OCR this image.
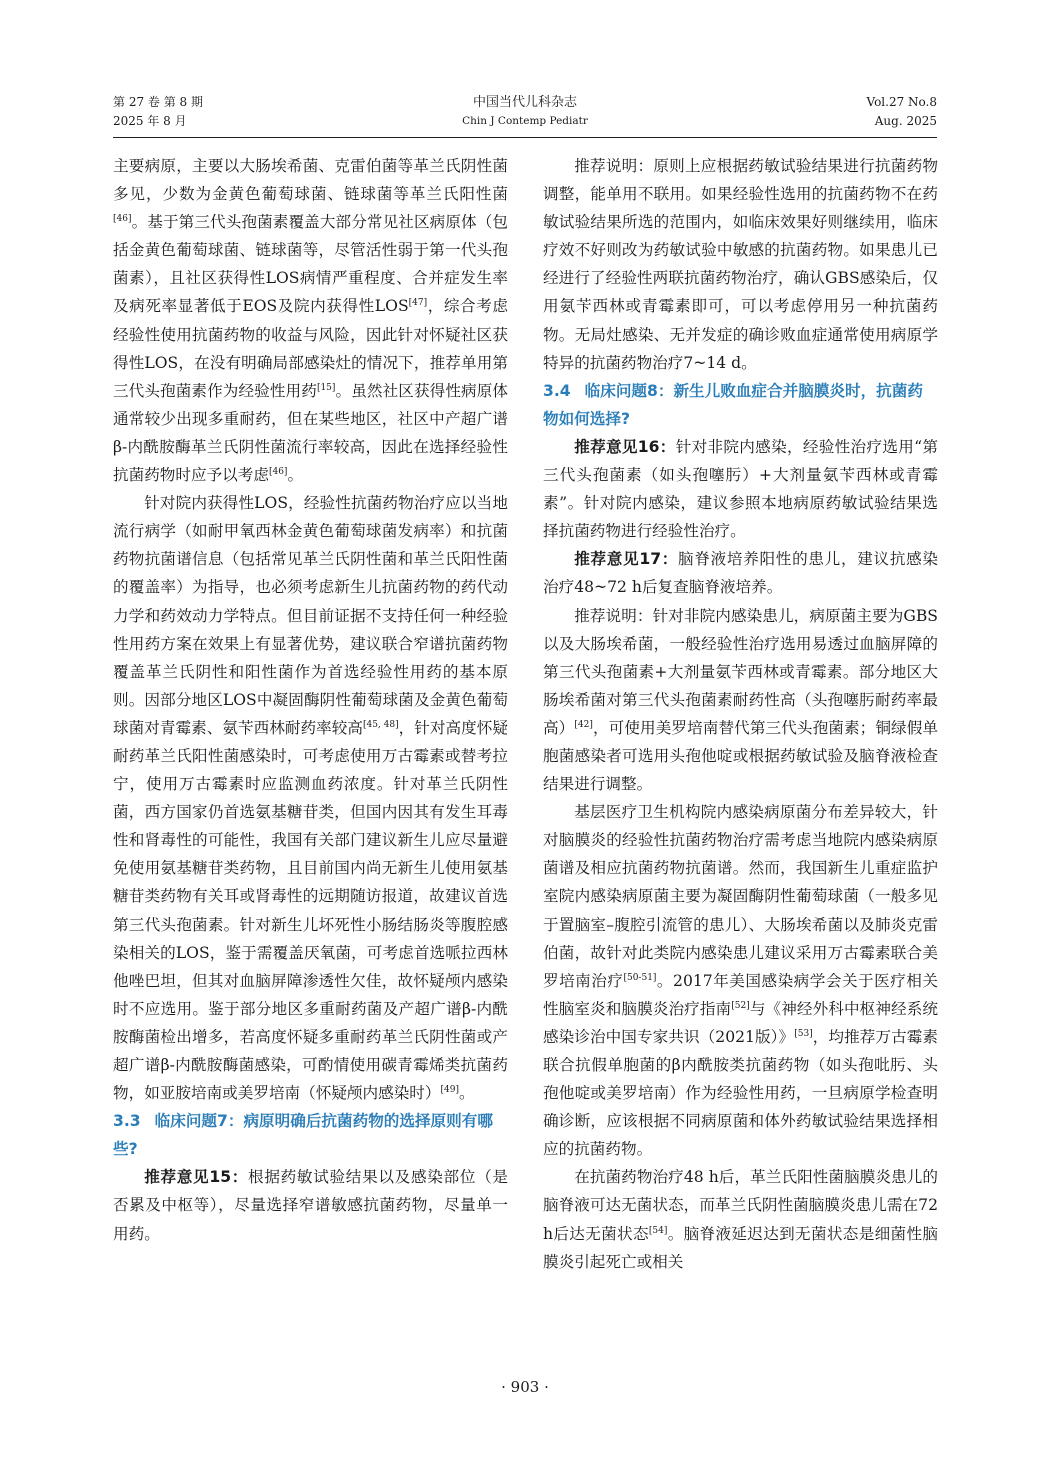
第 27 卷 第 8 期
2025 年 8 月
中国当代儿科杂志
Chin J Contemp Pediatr
Vol.27 No.8
Aug. 2025

主要病原，主要以大肠埃希菌、克雷伯菌等革兰氏阴性菌多见，少数为金黄色葡萄球菌、链球菌等革兰氏阳性菌[46]。基于第三代头孢菌素覆盖大部分常见社区病原体（包括金黄色葡萄球菌、链球菌等，尽管活性弱于第一代头孢菌素），且社区获得性LOS病情严重程度、合并症发生率及病死率显著低于EOS及院内获得性LOS[47]，综合考虑经验性使用抗菌药物的收益与风险，因此针对怀疑社区获得性LOS，在没有明确局部感染灶的情况下，推荐单用第三代头孢菌素作为经验性用药[15]。虽然社区获得性病原体通常较少出现多重耐药，但在某些地区，社区中产超广谱β-内酰胺酶革兰氏阴性菌流行率较高，因此在选择经验性抗菌药物时应予以考虑[46]。

针对院内获得性LOS，经验性抗菌药物治疗应以当地流行病学（如耐甲氧西林金黄色葡萄球菌发病率）和抗菌药物抗菌谱信息（包括常见革兰氏阴性菌和革兰氏阳性菌的覆盖率）为指导，也必须考虑新生儿抗菌药物的药代动力学和药效动力学特点。但目前证据不支持任何一种经验性用药方案在效果上有显著优势，建议联合窄谱抗菌药物覆盖革兰氏阴性和阳性菌作为首选经验性用药的基本原则。因部分地区LOS中凝固酶阴性葡萄球菌及金黄色葡萄球菌对青霉素、氨苄西林耐药率较高[45, 48]，针对高度怀疑耐药革兰氏阳性菌感染时，可考虑使用万古霉素或替考拉宁，使用万古霉素时应监测血药浓度。针对革兰氏阴性菌，西方国家仍首选氨基糖苷类，但国内因其有发生耳毒性和肾毒性的可能性，我国有关部门建议新生儿应尽量避免使用氨基糖苷类药物，且目前国内尚无新生儿使用氨基糖苷类药物有关耳或肾毒性的远期随访报道，故建议首选第三代头孢菌素。针对新生儿坏死性小肠结肠炎等腹腔感染相关的LOS，鉴于需覆盖厌氧菌，可考虑首选哌拉西林他唑巴坦，但其对血脑屏障渗透性欠佳，故怀疑颅内感染时不应选用。鉴于部分地区多重耐药菌及产超广谱β-内酰胺酶菌检出增多，若高度怀疑多重耐药革兰氏阴性菌或产超广谱β-内酰胺酶菌感染，可酌情使用碳青霉烯类抗菌药物，如亚胺培南或美罗培南（怀疑颅内感染时）[49]。

3.3 临床问题7：病原明确后抗菌药物的选择原则有哪些?

推荐意见15：根据药敏试验结果以及感染部位（是否累及中枢等），尽量选择窄谱敏感抗菌药物，尽量单一用药。

推荐说明：原则上应根据药敏试验结果进行抗菌药物调整，能单用不联用。如果经验性选用的抗菌药物不在药敏试验结果所选的范围内，如临床效果好则继续用，临床疗效不好则改为药敏试验中敏感的抗菌药物。如果患儿已经进行了经验性两联抗菌药物治疗，确认GBS感染后，仅用氨苄西林或青霉素即可，可以考虑停用另一种抗菌药物。无局灶感染、无并发症的确诊败血症通常使用病原学特异的抗菌药物治疗7~14 d。

3.4 临床问题8：新生儿败血症合并脑膜炎时，抗菌药物如何选择?

推荐意见16：针对非院内感染，经验性治疗选用“第三代头孢菌素（如头孢噻肟）+大剂量氨苄西林或青霉素”。针对院内感染，建议参照本地病原药敏试验结果选择抗菌药物进行经验性治疗。

推荐意见17：脑脊液培养阳性的患儿，建议抗感染治疗48~72 h后复查脑脊液培养。

推荐说明：针对非院内感染患儿，病原菌主要为GBS以及大肠埃希菌，一般经验性治疗选用易透过血脑屏障的第三代头孢菌素+大剂量氨苄西林或青霉素。部分地区大肠埃希菌对第三代头孢菌素耐药性高（头孢噻肟耐药率最高）[42]，可使用美罗培南替代第三代头孢菌素；铜绿假单胞菌感染者可选用头孢他啶或根据药敏试验及脑脊液检查结果进行调整。

基层医疗卫生机构院内感染病原菌分布差异较大，针对脑膜炎的经验性抗菌药物治疗需考虑当地院内感染病原菌谱及相应抗菌药物抗菌谱。然而，我国新生儿重症监护室院内感染病原菌主要为凝固酶阴性葡萄球菌（一般多见于置脑室–腹腔引流管的患儿）、大肠埃希菌以及肺炎克雷伯菌，故针对此类院内感染患儿建议采用万古霉素联合美罗培南治疗[50-51]。2017年美国感染病学会关于医疗相关性脑室炎和脑膜炎治疗指南[52]与《神经外科中枢神经系统感染诊治中国专家共识（2021版）》[53]，均推荐万古霉素联合抗假单胞菌的β内酰胺类抗菌药物（如头孢吡肟、头孢他啶或美罗培南）作为经验性用药，一旦病原学检查明确诊断，应该根据不同病原菌和体外药敏试验结果选择相应的抗菌药物。

在抗菌药物治疗48 h后，革兰氏阳性菌脑膜炎患儿的脑脊液可达无菌状态，而革兰氏阴性菌脑膜炎患儿需在72 h后达无菌状态[54]。脑脊液延迟达到无菌状态是细菌性脑膜炎引起死亡或相关

· 903 ·
